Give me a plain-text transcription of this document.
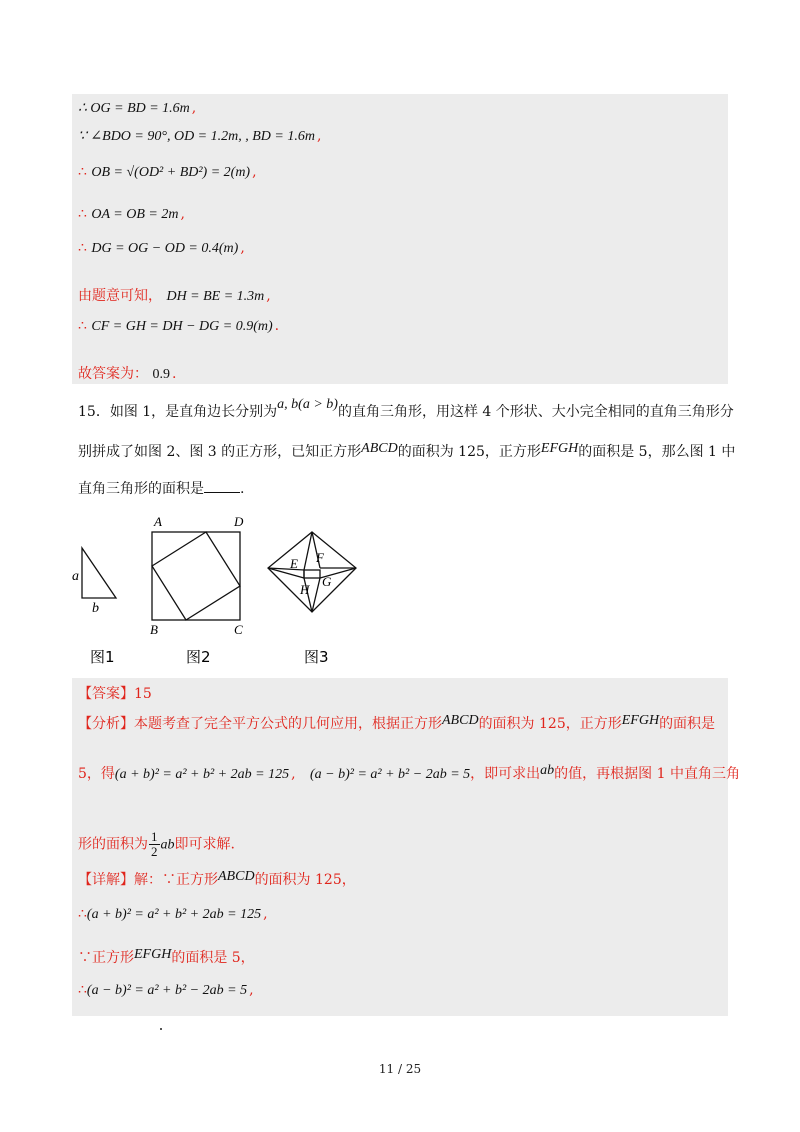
∴ OG = BD = 1.6m ,
∵ ∠BDO = 90°, OD = 1.2m, , BD = 1.6m ,
∴ OB = √(OD² + BD²) = 2(m) ,
∴ OA = OB = 2m ,
∴ DG = OG − OD = 0.4(m) ,
由题意可知， DH = BE = 1.3m ,
∴ CF = GH = DH − DG = 0.9(m) .
故答案为： 0.9 .
15．如图 1，是直角边长分别为a, b(a > b)的直角三角形，用这样 4 个形状、大小完全相同的直角三角形分
别拼成了如图 2、图 3 的正方形，已知正方形ABCD的面积为 125，正方形EFGH的面积是 5，那么图 1 中
直角三角形的面积是	.
a
b
A	D
B	C
E F
G
H
图1	图2	图3
【答案】15
【分析】本题考查了完全平方公式的几何应用，根据正方形ABCD的面积为 125，正方形EFGH的面积是
5，得(a + b)² = a² + b² + 2ab = 125 , (a − b)² = a² + b² − 2ab = 5，即可求出ab的值，再根据图 1 中直角三角
形的面积为 $\frac{1}{2}$ ab即可求解.
【详解】解：∵正方形ABCD的面积为 125，
∴(a + b)² = a² + b² + 2ab = 125 ,
∵正方形EFGH的面积是 5，
∴(a − b)² = a² + b² − 2ab = 5 ,
11 / 25
